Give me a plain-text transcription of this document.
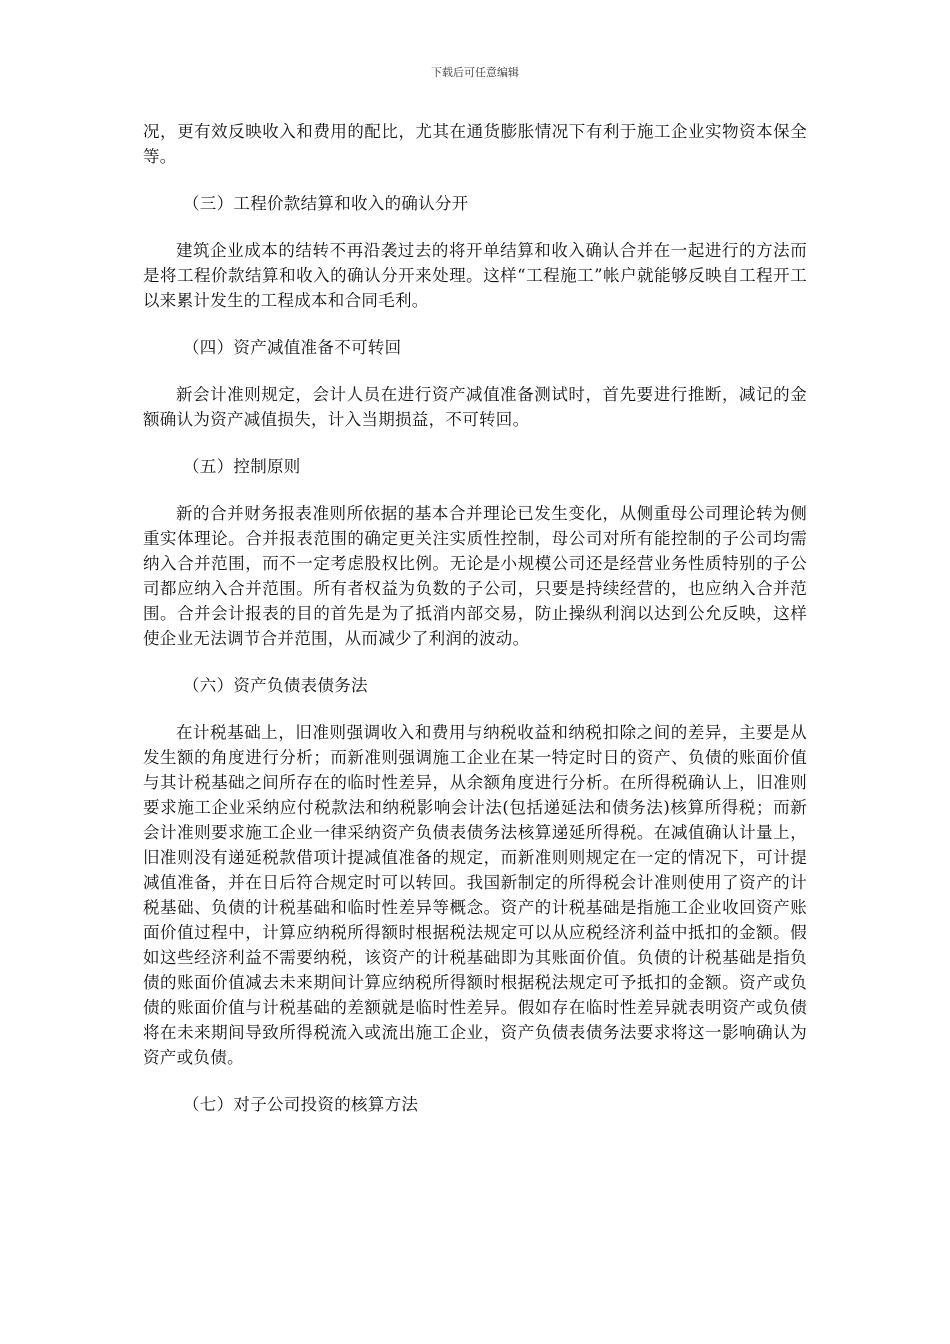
下载后可任意编辑

况，更有效反映收入和费用的配比，尤其在通货膨胀情况下有利于施工企业实物资本保全等。

（三）工程价款结算和收入的确认分开

建筑企业成本的结转不再沿袭过去的将开单结算和收入确认合并在一起进行的方法而是将工程价款结算和收入的确认分开来处理。这样“工程施工”帐户就能够反映自工程开工以来累计发生的工程成本和合同毛利。

（四）资产减值准备不可转回

新会计准则规定，会计人员在进行资产减值准备测试时，首先要进行推断，减记的金额确认为资产减值损失，计入当期损益，不可转回。

（五）控制原则

新的合并财务报表准则所依据的基本合并理论已发生变化，从侧重母公司理论转为侧重实体理论。合并报表范围的确定更关注实质性控制，母公司对所有能控制的子公司均需纳入合并范围，而不一定考虑股权比例。无论是小规模公司还是经营业务性质特别的子公司都应纳入合并范围。所有者权益为负数的子公司，只要是持续经营的，也应纳入合并范围。合并会计报表的目的首先是为了抵消内部交易，防止操纵利润以达到公允反映，这样使企业无法调节合并范围，从而减少了利润的波动。

（六）资产负债表债务法

在计税基础上，旧准则强调收入和费用与纳税收益和纳税扣除之间的差异，主要是从发生额的角度进行分析；而新准则强调施工企业在某一特定时日的资产、负债的账面价值与其计税基础之间所存在的临时性差异，从余额角度进行分析。在所得税确认上，旧准则要求施工企业采纳应付税款法和纳税影响会计法(包括递延法和债务法)核算所得税；而新会计准则要求施工企业一律采纳资产负债表债务法核算递延所得税。在减值确认计量上，旧准则没有递延税款借项计提减值准备的规定，而新准则则规定在一定的情况下，可计提减值准备，并在日后符合规定时可以转回。我国新制定的所得税会计准则使用了资产的计税基础、负债的计税基础和临时性差异等概念。资产的计税基础是指施工企业收回资产账面价值过程中，计算应纳税所得额时根据税法规定可以从应税经济利益中抵扣的金额。假如这些经济利益不需要纳税，该资产的计税基础即为其账面价值。负债的计税基础是指负债的账面价值减去未来期间计算应纳税所得额时根据税法规定可予抵扣的金额。资产或负债的账面价值与计税基础的差额就是临时性差异。假如存在临时性差异就表明资产或负债将在未来期间导致所得税流入或流出施工企业，资产负债表债务法要求将这一影响确认为资产或负债。

（七）对子公司投资的核算方法
